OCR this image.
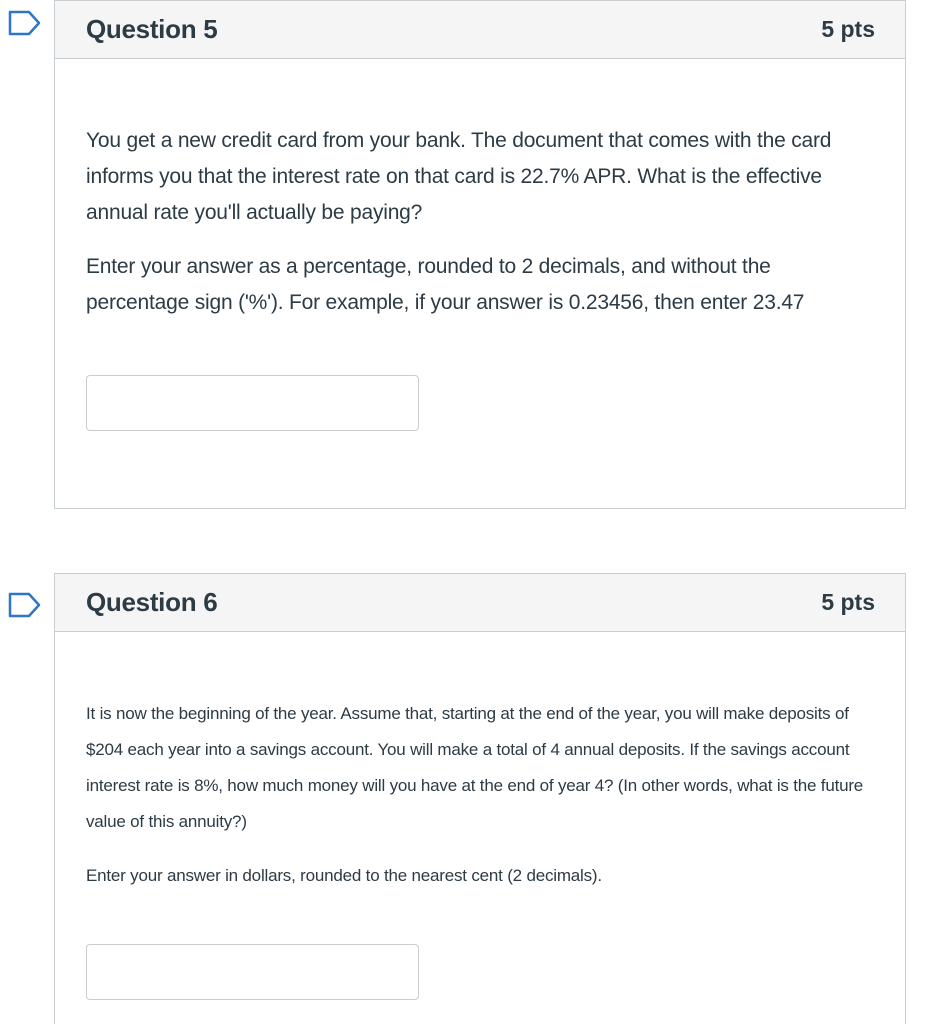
Question 5	5 pts

You get a new credit card from your bank. The document that comes with the card informs you that the interest rate on that card is 22.7% APR. What is the effective annual rate you'll actually be paying?

Enter your answer as a percentage, rounded to 2 decimals, and without the percentage sign ('%'). For example, if your answer is 0.23456, then enter 23.47

Question 6	5 pts

It is now the beginning of the year. Assume that, starting at the end of the year, you will make deposits of $204 each year into a savings account. You will make a total of 4 annual deposits. If the savings account interest rate is 8%, how much money will you have at the end of year 4? (In other words, what is the future value of this annuity?)

Enter your answer in dollars, rounded to the nearest cent (2 decimals).
